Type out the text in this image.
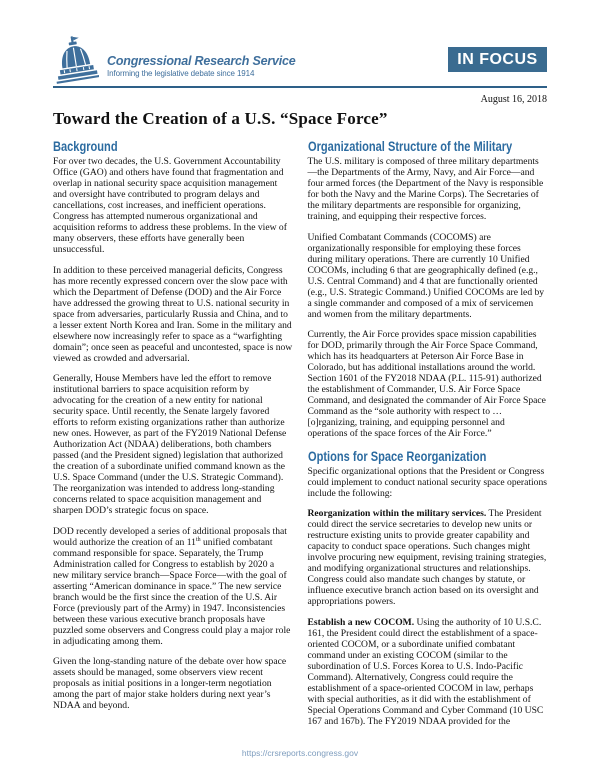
Congressional Research Service
Informing the legislative debate since 1914
IN FOCUS
August 16, 2018
Toward the Creation of a U.S. “Space Force”
Background

For over two decades, the U.S. Government Accountability Office (GAO) and others have found that fragmentation and overlap in national security space acquisition management and oversight have contributed to program delays and cancellations, cost increases, and inefficient operations. Congress has attempted numerous organizational and acquisition reforms to address these problems. In the view of many observers, these efforts have generally been unsuccessful.

In addition to these perceived managerial deficits, Congress has more recently expressed concern over the slow pace with which the Department of Defense (DOD) and the Air Force have addressed the growing threat to U.S. national security in space from adversaries, particularly Russia and China, and to a lesser extent North Korea and Iran. Some in the military and elsewhere now increasingly refer to space as a “warfighting domain”; once seen as peaceful and uncontested, space is now viewed as crowded and adversarial.

Generally, House Members have led the effort to remove institutional barriers to space acquisition reform by advocating for the creation of a new entity for national security space. Until recently, the Senate largely favored efforts to reform existing organizations rather than authorize new ones. However, as part of the FY2019 National Defense Authorization Act (NDAA) deliberations, both chambers passed (and the President signed) legislation that authorized the creation of a subordinate unified command known as the U.S. Space Command (under the U.S. Strategic Command). The reorganization was intended to address long-standing concerns related to space acquisition management and sharpen DOD’s strategic focus on space.

DOD recently developed a series of additional proposals that would authorize the creation of an 11th unified combatant command responsible for space. Separately, the Trump Administration called for Congress to establish by 2020 a new military service branch—Space Force—with the goal of asserting “American dominance in space.” The new service branch would be the first since the creation of the U.S. Air Force (previously part of the Army) in 1947. Inconsistencies between these various executive branch proposals have puzzled some observers and Congress could play a major role in adjudicating among them.

Given the long-standing nature of the debate over how space assets should be managed, some observers view recent proposals as initial positions in a longer-term negotiation among the part of major stake holders during next year’s NDAA and beyond.

Organizational Structure of the Military

The U.S. military is composed of three military departments—the Departments of the Army, Navy, and Air Force—and four armed forces (the Department of the Navy is responsible for both the Navy and the Marine Corps). The Secretaries of the military departments are responsible for organizing, training, and equipping their respective forces.

Unified Combatant Commands (COCOMS) are organizationally responsible for employing these forces during military operations. There are currently 10 Unified COCOMs, including 6 that are geographically defined (e.g., U.S. Central Command) and 4 that are functionally oriented (e.g., U.S. Strategic Command.) Unified COCOMs are led by a single commander and composed of a mix of servicemen and women from the military departments.

Currently, the Air Force provides space mission capabilities for DOD, primarily through the Air Force Space Command, which has its headquarters at Peterson Air Force Base in Colorado, but has additional installations around the world. Section 1601 of the FY2018 NDAA (P.L. 115-91) authorized the establishment of Commander, U.S. Air Force Space Command, and designated the commander of Air Force Space Command as the “sole authority with respect to … [o]rganizing, training, and equipping personnel and operations of the space forces of the Air Force.”

Options for Space Reorganization

Specific organizational options that the President or Congress could implement to conduct national security space operations include the following:

Reorganization within the military services. The President could direct the service secretaries to develop new units or restructure existing units to provide greater capability and capacity to conduct space operations. Such changes might involve procuring new equipment, revising training strategies, and modifying organizational structures and relationships. Congress could also mandate such changes by statute, or influence executive branch action based on its oversight and appropriations powers.

Establish a new COCOM. Using the authority of 10 U.S.C. 161, the President could direct the establishment of a space-oriented COCOM, or a subordinate unified combatant command under an existing COCOM (similar to the subordination of U.S. Forces Korea to U.S. Indo-Pacific Command). Alternatively, Congress could require the establishment of a space-oriented COCOM in law, perhaps with special authorities, as it did with the establishment of Special Operations Command and Cyber Command (10 USC 167 and 167b). The FY2019 NDAA provided for the

https://crsreports.congress.gov
